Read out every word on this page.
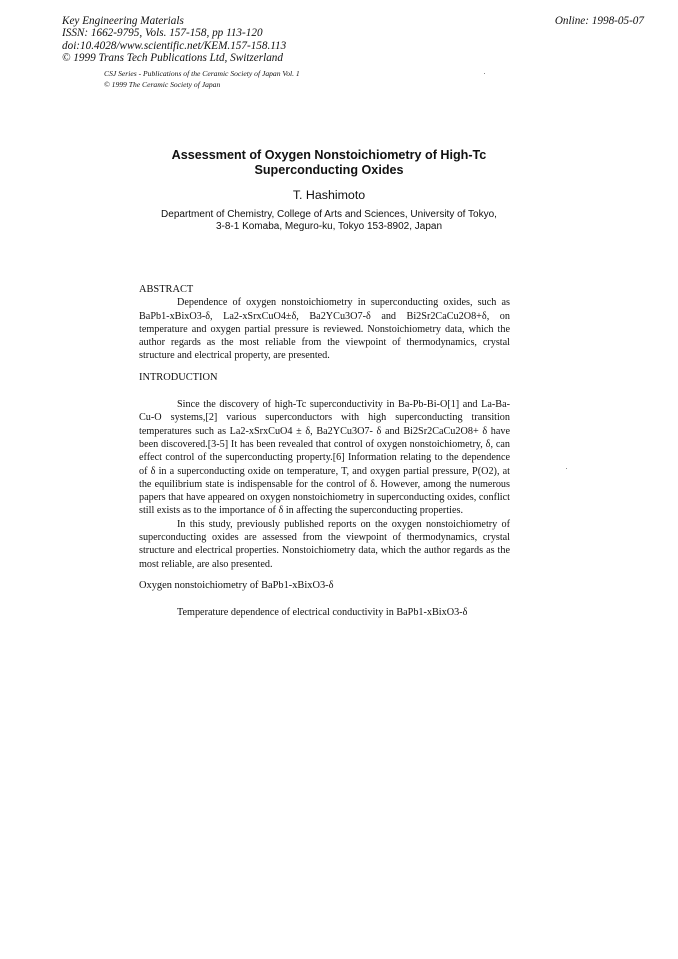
Key Engineering Materials
ISSN: 1662-9795, Vols. 157-158, pp 113-120
doi:10.4028/www.scientific.net/KEM.157-158.113
© 1999 Trans Tech Publications Ltd, Switzerland
Online: 1998-05-07
CSJ Series - Publications of the Ceramic Society of Japan Vol. 1
© 1999 The Ceramic Society of Japan
Assessment of Oxygen Nonstoichiometry of High-Tc
Superconducting Oxides
T. Hashimoto
Department of Chemistry, College of Arts and Sciences, University of Tokyo,
3-8-1 Komaba, Meguro-ku, Tokyo 153-8902, Japan
ABSTRACT

Dependence of oxygen nonstoichiometry in superconducting oxides, such as BaPb1-xBixO3-δ, La2-xSrxCuO4±δ, Ba2YCu3O7-δ and Bi2Sr2CaCu2O8+δ, on temperature and oxygen partial pressure is reviewed. Nonstoichiometry data, which the author regards as the most reliable from the viewpoint of thermodynamics, crystal structure and electrical property, are presented.

INTRODUCTION

Since the discovery of high-Tc superconductivity in Ba-Pb-Bi-O[1] and La-Ba-Cu-O systems,[2] various superconductors with high superconducting transition temperatures such as La2-xSrxCuO4 ± δ, Ba2YCu3O7- δ and Bi2Sr2CaCu2O8+ δ have been discovered.[3-5] It has been revealed that control of oxygen nonstoichiometry, δ, can effect control of the superconducting property.[6] Information relating to the dependence of δ in a superconducting oxide on temperature, T, and oxygen partial pressure, P(O2), at the equilibrium state is indispensable for the control of δ. However, among the numerous papers that have appeared on oxygen nonstoichiometry in superconducting oxides, conflict still exists as to the importance of δ in affecting the superconducting properties.

In this study, previously published reports on the oxygen nonstoichiometry of superconducting oxides are assessed from the viewpoint of thermodynamics, crystal structure and electrical properties. Nonstoichiometry data, which the author regards as the most reliable, are also presented.

Oxygen nonstoichiometry of BaPb1-xBixO3-δ

Temperature dependence of electrical conductivity in BaPb1-xBixO3-δ
